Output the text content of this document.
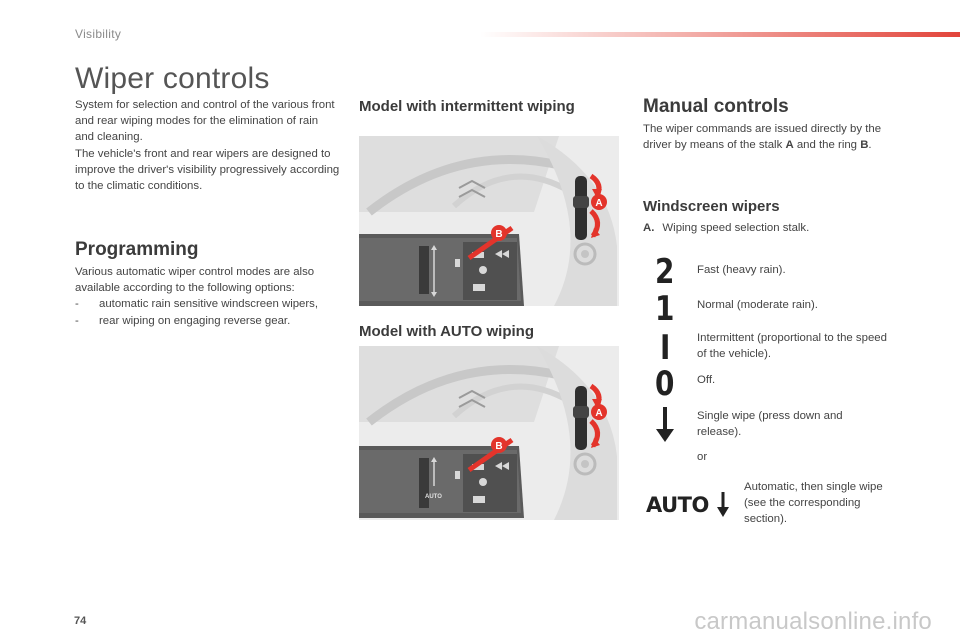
Visibility
Wiper controls

System for selection and control of the various front and rear wiping modes for the elimination of rain and cleaning.

The vehicle's front and rear wipers are designed to improve the driver's visibility progressively according to the climatic conditions.

Programming

Various automatic wiper control modes are also available according to the following options:

-	automatic rain sensitive windscreen wipers,
-	rear wiping on engaging reverse gear.
Model with intermittent wiping
A
B
Model with AUTO wiping
A
AUTO
B
Manual controls
The wiper commands are issued directly by the driver by means of the stalk A and the ring B.
Windscreen wipers
A. Wiping speed selection stalk.
2 Fast (heavy rain).
1 Normal (moderate rain).
I Intermittent (proportional to the speed of the vehicle).
0 Off.
Single wipe (press down and release).
or
AUTO
Automatic, then single wipe (see the corresponding section).
74	carmanualsonline.info
